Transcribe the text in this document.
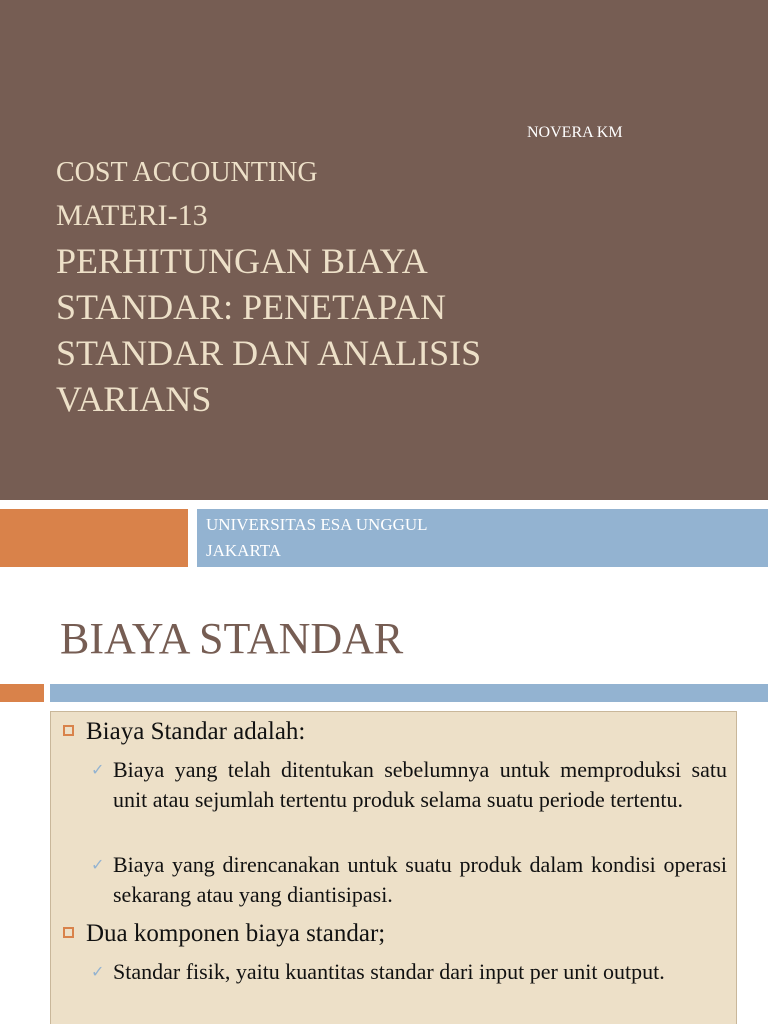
NOVERA KM
COST ACCOUNTING
MATERI-13
PERHITUNGAN BIAYA
STANDAR: PENETAPAN
STANDAR DAN ANALISIS
VARIANS
UNIVERSITAS ESA UNGGUL
JAKARTA
BIAYA STANDAR
Biaya Standar adalah:
✓ Biaya yang telah ditentukan sebelumnya untuk memproduksi satu unit atau sejumlah tertentu produk selama suatu periode tertentu.
✓ Biaya yang direncanakan untuk suatu produk dalam kondisi operasi sekarang atau yang diantisipasi.
Dua komponen biaya standar;
✓ Standar fisik, yaitu kuantitas standar dari input per unit output.
